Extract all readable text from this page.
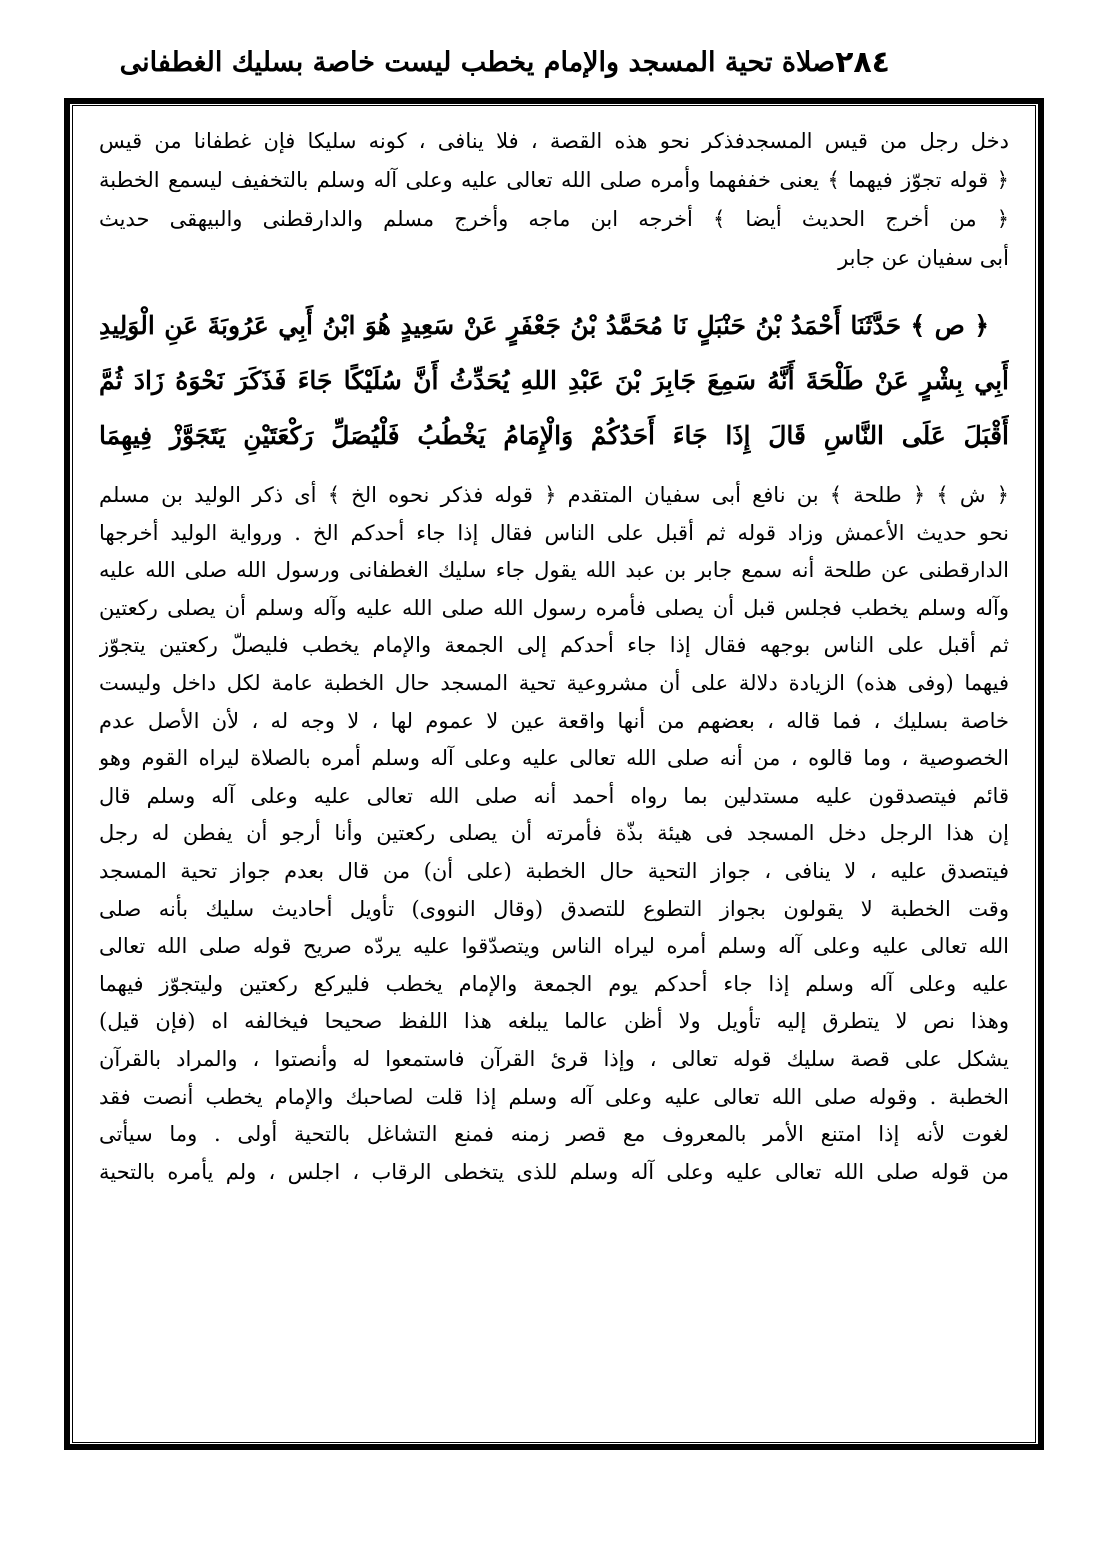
٢٨٤
صلاة تحية المسجد والإمام يخطب ليست خاصة بسليك الغطفانى
دخل رجل من قيس المسجدفذكر نحو هذه القصة ، فلا ينافى ، كونه سليكا فإن غطفانا من قيس
﴿ قوله تجوّز فيهما ﴾ يعنى خففهما وأمره صلى الله تعالى عليه وعلى آله وسلم بالتخفيف ليسمع الخطبة
﴿ من أخرج الحديث أيضا ﴾ أخرجه ابن ماجه وأخرج مسلم والدارقطنى والبيهقى حديث
أبى سفيان عن جابر
﴿ ص ﴾ حَدَّثَنَا أَحْمَدُ بْنُ حَنْبَلٍ نَا مُحَمَّدُ بْنُ جَعْفَرٍ عَنْ سَعِيدٍ هُوَ ابْنُ أَبِي عَرُوبَةَ عَنِ الْوَلِيدِ
أَبِي بِشْرٍ عَنْ طَلْحَةَ أَنَّهُ سَمِعَ جَابِرَ بْنَ عَبْدِ اللهِ يُحَدِّثُ أَنَّ سُلَيْكًا جَاءَ فَذَكَرَ نَحْوَهُ زَادَ ثُمَّ
أَقْبَلَ عَلَى النَّاسِ قَالَ إِذَا جَاءَ أَحَدُكُمْ وَالْإِمَامُ يَخْطُبُ فَلْيُصَلِّ رَكْعَتَيْنِ يَتَجَوَّزْ فِيهِمَا
﴿ ش ﴾ ﴿ طلحة ﴾ بن نافع أبى سفيان المتقدم ﴿ قوله فذكر نحوه الخ ﴾ أى ذكر الوليد بن مسلم
نحو حديث الأعمش وزاد قوله ثم أقبل على الناس فقال إذا جاء أحدكم الخ . ورواية الوليد أخرجها
الدارقطنى عن طلحة أنه سمع جابر بن عبد الله يقول جاء سليك الغطفانى ورسول الله صلى الله عليه
وآله وسلم يخطب فجلس قبل أن يصلى فأمره رسول الله صلى الله عليه وآله وسلم أن يصلى ركعتين
ثم أقبل على الناس بوجهه فقال إذا جاء أحدكم إلى الجمعة والإمام يخطب فليصلّ ركعتين يتجوّز
فيهما (وفى هذه) الزيادة دلالة على أن مشروعية تحية المسجد حال الخطبة عامة لكل داخل وليست
خاصة بسليك ، فما قاله ، بعضهم من أنها واقعة عين لا عموم لها ، لا وجه له ، لأن الأصل عدم
الخصوصية ، وما قالوه ، من أنه صلى الله تعالى عليه وعلى آله وسلم أمره بالصلاة ليراه القوم وهو
قائم فيتصدقون عليه مستدلين بما رواه أحمد أنه صلى الله تعالى عليه وعلى آله وسلم قال
إن هذا الرجل دخل المسجد فى هيئة بذّة فأمرته أن يصلى ركعتين وأنا أرجو أن يفطن له رجل
فيتصدق عليه ، لا ينافى ، جواز التحية حال الخطبة (على أن) من قال بعدم جواز تحية المسجد
وقت الخطبة لا يقولون بجواز التطوع للتصدق (وقال النووى) تأويل أحاديث سليك بأنه صلى
الله تعالى عليه وعلى آله وسلم أمره ليراه الناس ويتصدّقوا عليه يردّه صريح قوله صلى الله تعالى
عليه وعلى آله وسلم إذا جاء أحدكم يوم الجمعة والإمام يخطب فليركع ركعتين وليتجوّز فيهما
وهذا نص لا يتطرق إليه تأويل ولا أظن عالما يبلغه هذا اللفظ صحيحا فيخالفه اه (فإن قيل)
يشكل على قصة سليك قوله تعالى ، وإذا قرئ القرآن فاستمعوا له وأنصتوا ، والمراد بالقرآن
الخطبة . وقوله صلى الله تعالى عليه وعلى آله وسلم إذا قلت لصاحبك والإمام يخطب أنصت فقد
لغوت لأنه إذا امتنع الأمر بالمعروف مع قصر زمنه فمنع التشاغل بالتحية أولى . وما سيأتى
من قوله صلى الله تعالى عليه وعلى آله وسلم للذى يتخطى الرقاب ، اجلس ، ولم يأمره بالتحية
